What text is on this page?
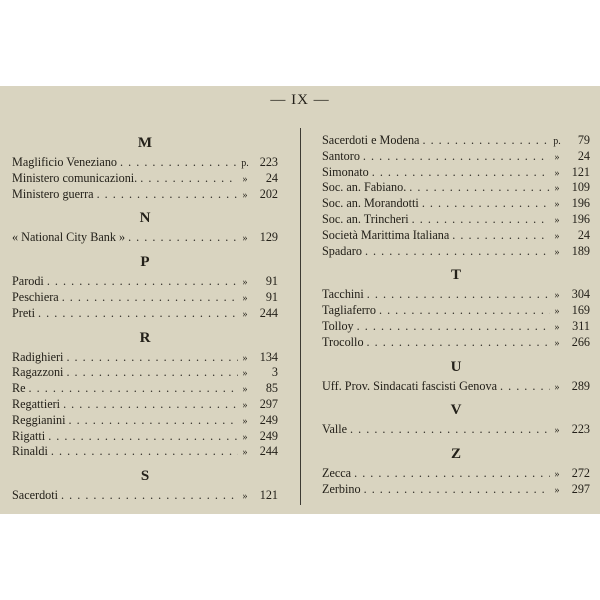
— IX —
M
Maglificio Veneziano . . .	p. 223
Ministero comunicazioni. . . .	»	24
Ministero guerra . . .	»	202
N
« National City Bank » . . .	»	129
P
Parodi . . .	»	91
Peschiera . . .	»	91
Preti . . .	»	244
R
Radighieri . . .	»	134
Ragazzoni . . .	»	3
Re . . .	»	85
Regattieri . . .	»	297
Reggianini . . .	»	249
Rigatti . . .	»	249
Rinaldi . . .	»	244
S
Sacerdoti . . .	»	121
Sacerdoti e Modena . . .	p.	79
Santoro . . .	»	24
Simonato . . .	»	121
Soc. an. Fabiano. . . .	»	109
Soc. an. Morandotti . . .	»	196
Soc. an. Trincheri . . .	»	196
Società Marittima Italiana . . .	»	24
Spadaro . . .	»	189
T
Tacchini . . .	»	304
Tagliaferro . . .	»	169
Tolloy . . .	»	311
Trocollo . . .	»	266
U
Uff. Prov. Sindacati fascisti Genova . . .	»	289
V
Valle . . .	»	223
Z
Zecca . . .	»	272
Zerbino . . .	»	297
